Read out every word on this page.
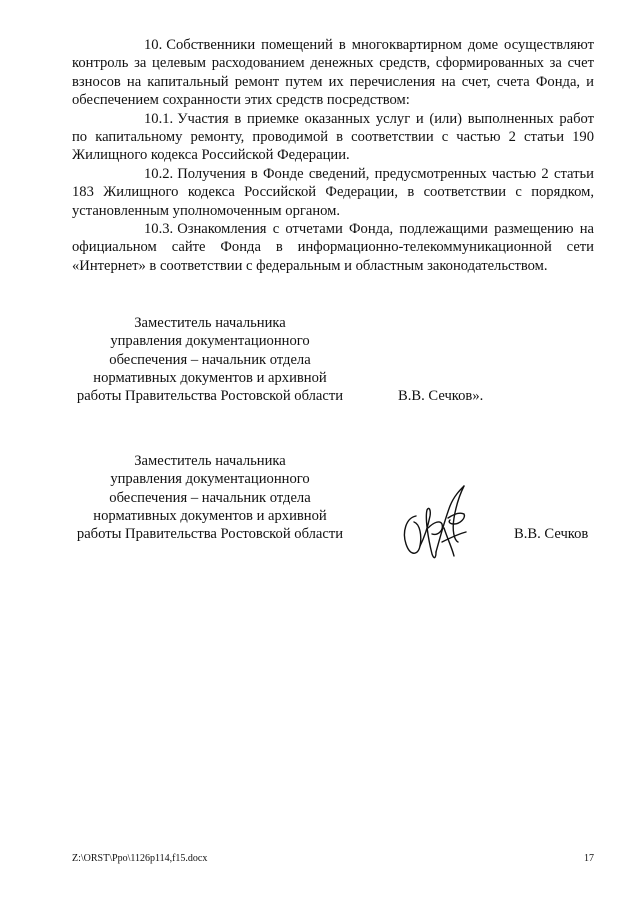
10. Собственники помещений в многоквартирном доме осуществляют контроль за целевым расходованием денежных средств, сформированных за счет взносов на капитальный ремонт путем их перечисления на счет, счета Фонда, и обеспечением сохранности этих средств посредством:

10.1. Участия в приемке оказанных услуг и (или) выполненных работ по капитальному ремонту, проводимой в соответствии с частью 2 статьи 190 Жилищного кодекса Российской Федерации.

10.2. Получения в Фонде сведений, предусмотренных частью 2 статьи 183 Жилищного кодекса Российской Федерации, в соответствии с порядком, установленным уполномоченным органом.

10.3. Ознакомления с отчетами Фонда, подлежащими размещению на официальном сайте Фонда в информационно-телекоммуникационной сети «Интернет» в соответствии с федеральным и областным законодательством.

Заместитель начальника
управления документационного
обеспечения – начальник отдела
нормативных документов и архивной
работы Правительства Ростовской области	В.В. Сечков».
Заместитель начальника
управления документационного
обеспечения – начальник отдела
нормативных документов и архивной
работы Правительства Ростовской области	В.В. Сечков
Z:\ORST\Ppo\1126p114,f15.docx	17
